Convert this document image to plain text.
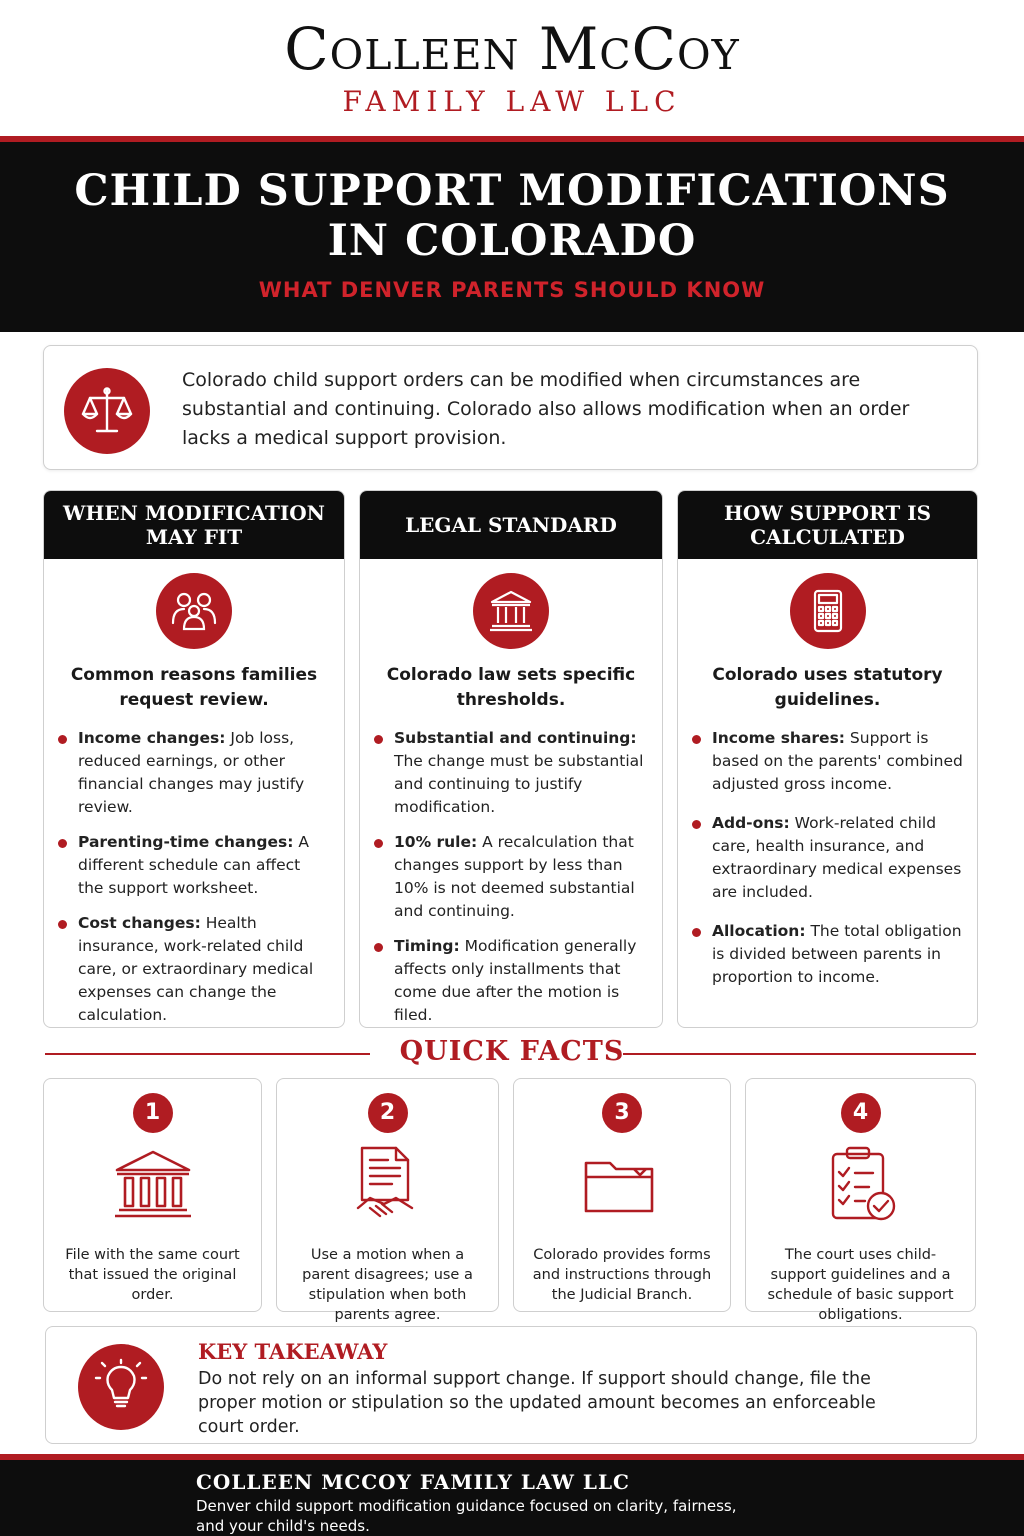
Colleen McCoy
FAMILY LAW LLC
CHILD SUPPORT MODIFICATIONS
IN COLORADO
WHAT DENVER PARENTS SHOULD KNOW
Colorado child support orders can be modified when circumstances are substantial and continuing. Colorado also allows modification when an order lacks a medical support provision.
WHEN MODIFICATION MAY FIT
Common reasons families request review.
Income changes: Job loss, reduced earnings, or other financial changes may justify review.
Parenting-time changes: A different schedule can affect the support worksheet.
Cost changes: Health insurance, work-related child care, or extraordinary medical expenses can change the calculation.
LEGAL STANDARD
Colorado law sets specific thresholds.
Substantial and continuing: The change must be substantial and continuing to justify modification.
10% rule: A recalculation that changes support by less than 10% is not deemed substantial and continuing.
Timing: Modification generally affects only installments that come due after the motion is filed.
HOW SUPPORT IS CALCULATED
Colorado uses statutory guidelines.
Income shares: Support is based on the parents' combined adjusted gross income.
Add-ons: Work-related child care, health insurance, and extraordinary medical expenses are included.
Allocation: The total obligation is divided between parents in proportion to income.
QUICK FACTS
1
File with the same court that issued the original order.
2
Use a motion when a parent disagrees; use a stipulation when both parents agree.
3
Colorado provides forms and instructions through the Judicial Branch.
4
The court uses child-support guidelines and a schedule of basic support obligations.
KEY TAKEAWAY
Do not rely on an informal support change. If support should change, file the proper motion or stipulation so the updated amount becomes an enforceable court order.
COLLEEN MCCOY FAMILY LAW LLC
Denver child support modification guidance focused on clarity, fairness, and your child's needs.
